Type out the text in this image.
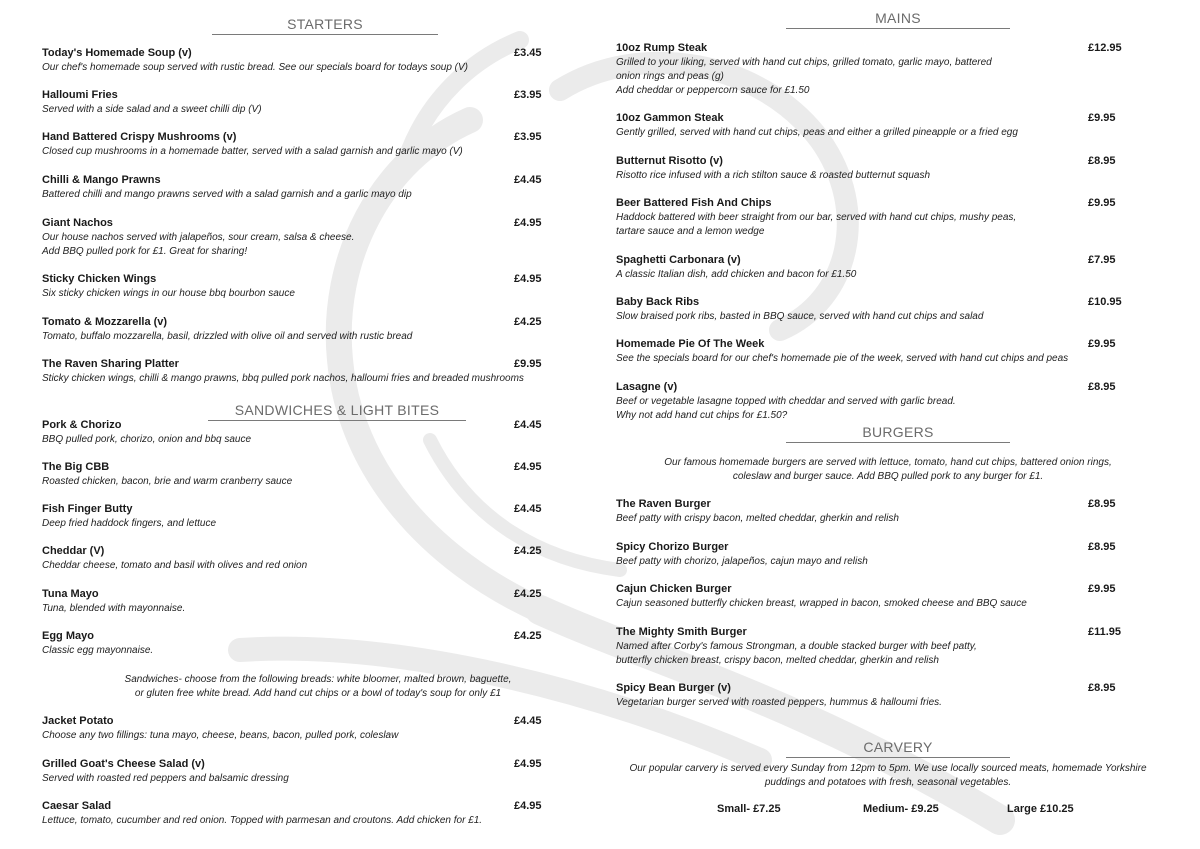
STARTERS
Today's Homemade Soup (v)	£3.45
Our chef's homemade soup served with rustic bread. See our specials board for todays soup (V)
Halloumi Fries	£3.95
Served with a side salad and a sweet chilli dip (V)
Hand Battered Crispy Mushrooms (v)	£3.95
Closed cup mushrooms in a homemade batter, served with a salad garnish and garlic mayo (V)
Chilli & Mango Prawns	£4.45
Battered chilli and mango prawns served with a salad garnish and a garlic mayo dip
Giant Nachos	£4.95
Our house nachos served with jalapeños, sour cream, salsa & cheese.
Add BBQ pulled pork for £1. Great for sharing!
Sticky Chicken Wings	£4.95
Six sticky chicken wings in our house bbq bourbon sauce
Tomato & Mozzarella (v)	£4.25
Tomato, buffalo mozzarella, basil, drizzled with olive oil and served with rustic bread
The Raven Sharing Platter	£9.95
Sticky chicken wings, chilli & mango prawns, bbq pulled pork nachos, halloumi fries and breaded mushrooms
SANDWICHES & LIGHT BITES
Pork & Chorizo	£4.45
BBQ pulled pork, chorizo, onion and bbq sauce
The Big CBB	£4.95
Roasted chicken, bacon, brie and warm cranberry sauce
Fish Finger Butty	£4.45
Deep fried haddock fingers, and lettuce
Cheddar (V)	£4.25
Cheddar cheese, tomato and basil with olives and red onion
Tuna Mayo	£4.25
Tuna, blended with mayonnaise.
Egg Mayo	£4.25
Classic egg mayonnaise.
Sandwiches- choose from the following breads: white bloomer, malted brown, baguette,
or gluten free white bread. Add hand cut chips or a bowl of today's soup for only £1
Jacket Potato	£4.45
Choose any two fillings: tuna mayo, cheese, beans, bacon, pulled pork, coleslaw
Grilled Goat's Cheese Salad (v)	£4.95
Served with roasted red peppers and balsamic dressing
Caesar Salad	£4.95
Lettuce, tomato, cucumber and red onion. Topped with parmesan and croutons. Add chicken for £1.
MAINS
10oz Rump Steak	£12.95
Grilled to your liking, served with hand cut chips, grilled tomato, garlic mayo, battered
onion rings and peas (g)
Add cheddar or peppercorn sauce for £1.50
10oz Gammon Steak	£9.95
Gently grilled, served with hand cut chips, peas and either a grilled pineapple or a fried egg
Butternut Risotto (v)	£8.95
Risotto rice infused with a rich stilton sauce & roasted butternut squash
Beer Battered Fish And Chips	£9.95
Haddock battered with beer straight from our bar, served with hand cut chips, mushy peas,
tartare sauce and a lemon wedge
Spaghetti Carbonara (v)	£7.95
A classic Italian dish, add chicken and bacon for £1.50
Baby Back Ribs	£10.95
Slow braised pork ribs, basted in BBQ sauce, served with hand cut chips and salad
Homemade Pie Of The Week	£9.95
See the specials board for our chef's homemade pie of the week, served with hand cut chips and peas
Lasagne (v)	£8.95
Beef or vegetable lasagne topped with cheddar and served with garlic bread.
Why not add hand cut chips for £1.50?
BURGERS
Our famous homemade burgers are served with lettuce, tomato, hand cut chips, battered onion rings,
coleslaw and burger sauce. Add BBQ pulled pork to any burger for £1.
The Raven Burger	£8.95
Beef patty with crispy bacon, melted cheddar, gherkin and relish
Spicy Chorizo Burger	£8.95
Beef patty with chorizo, jalapeños, cajun mayo and relish
Cajun Chicken Burger	£9.95
Cajun seasoned butterfly chicken breast, wrapped in bacon, smoked cheese and BBQ sauce
The Mighty Smith Burger	£11.95
Named after Corby's famous Strongman, a double stacked burger with beef patty,
butterfly chicken breast, crispy bacon, melted cheddar, gherkin and relish
Spicy Bean Burger (v)	£8.95
Vegetarian burger served with roasted peppers, hummus & halloumi fries.
CARVERY
Our popular carvery is served every Sunday from 12pm to 5pm. We use locally sourced meats, homemade Yorkshire
puddings and potatoes with fresh, seasonal vegetables.
Small- £7.25	Medium- £9.25	Large £10.25
